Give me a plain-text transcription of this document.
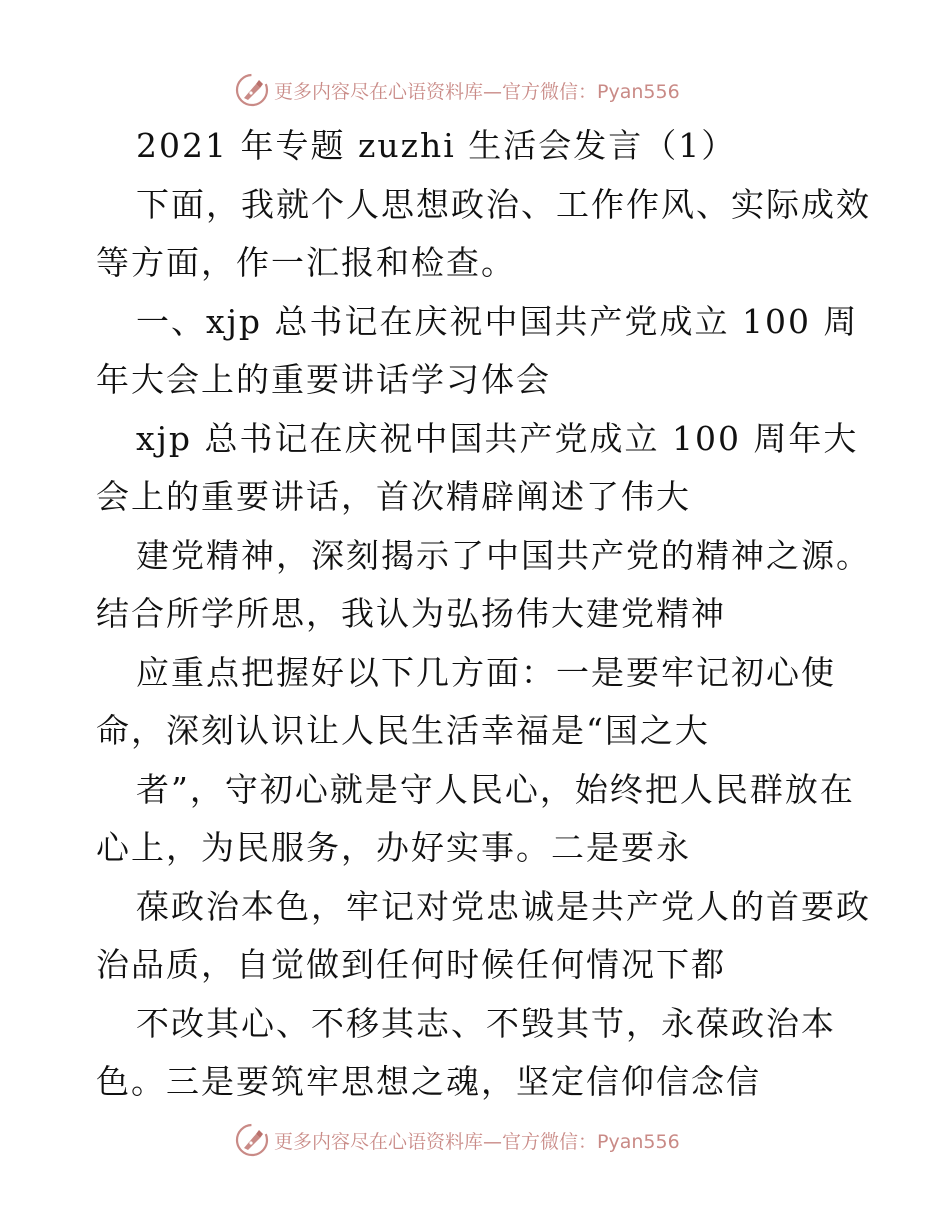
更多内容尽在心语资料库—官方微信：Pyan556
2021 年专题 zuzhi 生活会发言（1）
下面，我就个人思想政治、工作作风、实际成效
等方面，作一汇报和检查。
一、xjp 总书记在庆祝中国共产党成立 100 周
年大会上的重要讲话学习体会
xjp 总书记在庆祝中国共产党成立 100 周年大
会上的重要讲话，首次精辟阐述了伟大
建党精神，深刻揭示了中国共产党的精神之源。
结合所学所思，我认为弘扬伟大建党精神
应重点把握好以下几方面：一是要牢记初心使
命，深刻认识让人民生活幸福是“国之大
者”，守初心就是守人民心，始终把人民群放在
心上，为民服务，办好实事。二是要永
葆政治本色，牢记对党忠诚是共产党人的首要政
治品质，自觉做到任何时候任何情况下都
不改其心、不移其志、不毁其节，永葆政治本
色。三是要筑牢思想之魂，坚定信仰信念信
更多内容尽在心语资料库—官方微信：Pyan556
